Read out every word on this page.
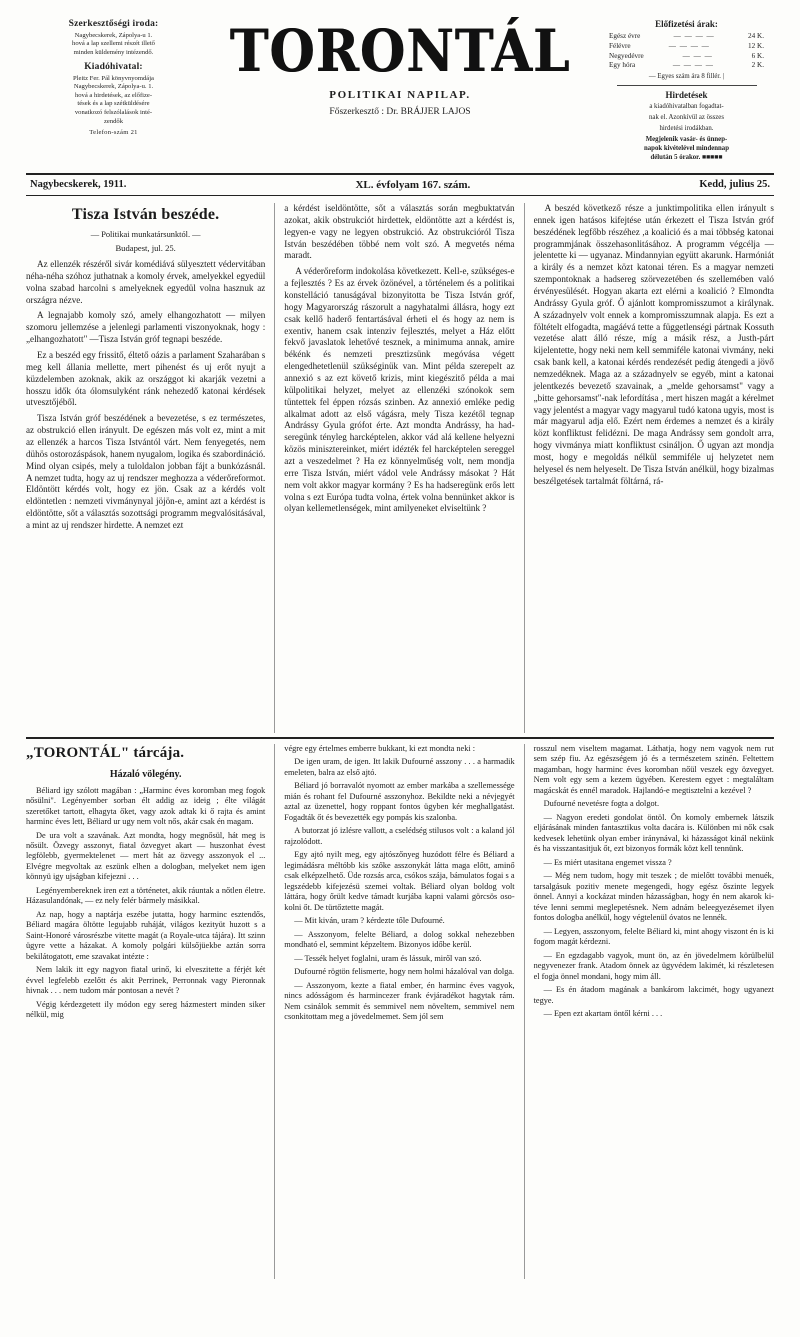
Szerkesztőségi iroda:
Nagybecskerek, Zápolya-u 1.
hová a lap szellemi részét illető
minden küldemény intézendő.
Kiadóhivatal:
Pleitz Fer. Pál könyvnyomdája
Nagybecskerek, Zápolya-u. 1.
hová a hirdetések, az előfize-
tések és a lap szétküldésére
vonatkozó felszólalások inté-
zendők
Telefon-szám 21
TORONTÁL
POLITIKAI NAPILAP.
Főszerkesztő : Dr. BRÁJJER LAJOS
Előfizetési árak:
Egész évre	— — — —	24 K.
Félévre	— — — —	12 K.
Negyedévre	— — —	6 K.
Egy hóra	— — — —	2 K.
— Egyes szám ára 8 fillér. |
Hirdetések
a kiadóhivatalban fogadtat-
nak el. Azonkívül az összes
hirdetési irodákban.
Megjelenik vasár- és ünnep-
napok kivételével mindennap
délután 5 órakor. ■■■■■
Nagybecskerek, 1911.	XL. évfolyam 167. szám.	Kedd, julius 25.
Tisza István beszéde.
— Politikai munkatársunktól. —
Budapest, jul. 25.

Az ellenzék részéről sivár komédiává sülyesztett védervitában néha-néha szóhoz juthatnak a komoly érvek, amelyekkel egyedül volna szabad harcolni s amelyeknek egyedül volna hasznuk az országra nézve.

A legnajabb komoly szó, amely elhangozhatott — milyen szomoru jellemzése a jelenlegi parlamenti viszonyoknak, hogy : „elhangozhatott" —Tisza István gróf tegnapi beszéde.

Ez a beszéd egy frissitő, éltető oázis a parlament Szaharában s meg kell állania mellette, mert pihenést és uj erőt nyujt a küzdelemben azoknak, akik az országgot ki akarják vezetni a hosszu idők óta ólomsulyként ránk nehezedő katonai kérdések utvesztőjéből.

Tisza István gróf beszédének a bevezetése, s ez természetes, az obstrukció ellen irányult. De egészen más volt ez, mint a mit az ellenzék a harcos Tisza Istvántól várt. Nem fenyegetés, nem dühös ostorozáspások, hanem nyugalom, logika és szabordináció. Mind olyan csipés, mely a tuloldalon jobban fájt a bunkózásnál. A nemzet tudta, hogy az uj rendszer meghozza a véderőreformot. Eldöntött kérdés volt, hogy ez jön. Csak az a kérdés volt eldöntetlen : nemzeti vivmánynyal jöjön-e, amint azt a kérdést is eldöntötte, sőt a választás sozottsági programm megvalósitásával, a mint az uj rendszer hirdette. A nemzet ezt

a kérdést iseldöntötte, sőt a választás során megbuktatván azokat, akik obstrukciót hirdettek, eldöntötte azt a kérdést is, legyen-e vagy ne legyen obstrukció. Az obstrukcióról Tisza István beszédében többé nem volt szó. A megvetés néma maradt.

A véderőreform indokolása következett. Kell-e, szükséges-e a fejlesztés ? Es az érvek özönével, a történelem és a politikai konstelláció tanuságával bizonyitotta be Tisza István gróf, hogy Magyarország rászorult a nagyhatalmi állásra, hogy ezt csak kellő haderő fentartásával érheti el és hogy az nem is exentiv, hanem csak intenziv fejlesztés, melyet a Ház előtt fekvő javaslatok lehetővé tesznek, a minimuma annak, amire békénk és nemzeti presztizsünk megóvása végett elengedhetetlenül szükséginük van. Mint példa szerepelt az annexió s az ezt követő krizis, mint kiegészitő példa a mai külpolitikai helyzet, melyet az ellenzéki szónokok sem tüntettek fel éppen rózsás szinben. Az annexió emléke pedig alkalmat adott az első vágásra, mely Tisza kezétől tegnap Andrássy Gyula grófot érte. Azt mondta Andrássy, ha hadseregünk tényleg harcképtelen, akkor vád alá kellene helyezni közös minisztereinket, miért idézték fel harcképtelen sereggel azt a veszedelmet ? Ha ez könnyelműség volt, nem mondja erre Tisza István, miért vádol vele Andrássy másokat ? Hát nem volt akkor magyar kormány ? Es ha hadseregünk erős lett volna s ezt Európa tudta volna, értek volna bennünket akkor is olyan kellemetlenségek, mint amilyeneket elviseltünk ?

A beszéd következő része a junktimpolitika ellen irányult s ennek igen hatásos kifejtése után érkezett el Tisza István gróf beszédének legfőbb részéhez ,a koalició és a mai többség katonai programmjának összehasonlitásához. A programm végcélja — jelentette ki — ugyanaz. Mindannyian együtt akarunk. Harmóniát a király és a nemzet közt katonai téren. Es a magyar nemzeti szempontoknak a hadsereg szörvezetében és szellemében való érvényesülését. Hogyan akarta ezt elérni a koalició ? Elmondta Andrássy Gyula gróf. Ő ajánlott kompromisszumot a királynak. A századnyelv volt ennek a kompromisszumnak alapja. Es ezt a föltételt elfogadta, magáévá tette a függetlenségi pártnak Kossuth vezetése alatt álló része, míg a másik rész, a Justh-párt kijelentette, hogy neki nem kell semmiféle katonai vivmány, neki csak bank kell, a katonai kérdés rendezését pedig átengedi a jövő nemzedéknek. Maga az a századnyelv se egyéb, mint a katonai jelentkezés bevezető szavainak, a „melde gehorsamst" vagy a „bitte gehorsamst"-nak lefordítása , mert hiszen magát a kérelmet vagy jelentést a magyar vagy magyarul tudó katona ugyis, most is már magyarul adja elő. Ezért nem érdemes a nemzet és a király közt konfliktust felidézni. De maga Andrássy sem gondolt arra, hogy vivmánya miatt konfliktust csináljon. Ő ugyan azt mondja most, hogy e megoldás nélkül semmiféle uj helyzetet nem helyesel és nem helyeselt. De Tisza István anélkül, hogy bizalmas beszélgetések tartalmát föltárná, rá-

„TORONTÁL" tárcája.
Házaló völegény.

Béliard igy szólott magában : „Harminc éves koromban meg fogok nősülni". Legényember sorban élt addig az ideig ; élte világát szeretőket tartott, elhagyta őket, vagy azok adtak ki ő rajta és amint harminc éves lett, Béliard ur ugy nem volt nős, akár csak én magam.

De ura volt a szavának. Azt mondta, hogy megnősül, hát meg is nősült. Özvegy asszonyt, fiatal özvegyet akart — huszonhat évest legfölebb, gyermektelenet — mert hát az özvegy asszonyok el ... Elvégre megvoltak az eszünk elhen a dologban, melyeket nem igen könnyü igy ujságban kifejezni . . .

Legényembereknek iren ezt a történetet, akik ráuntak a nőtlen életre. Házasulandónak, — ez nely felér bármely másikkal.

Az nap, hogy a naptárja eszébe jutatta, hogy harminc esztendős, Béliard magára öltötte legujabb ruháját, világos kezityüt huzott s a Saint-Honoré városrészbe vitette magát (a Royale-utca tájára). Itt szinn ügyre vette a házakat. A komoly polgári külsőjüekbe aztán sorra bekilátogatott, eme szavakat intézte :

Nem lakik itt egy nagyon fiatal urinő, ki elveszitette a férjét két évvel legfelebb ezelőtt és akit Perrinek, Perronnak vagy Pieronnak hivnak . . . nem tudom már pontosan a nevét ?

Végig kérdezgetett ily módon egy sereg házmestert minden siker nélkül, mig

végre egy értelmes emberre bukkant, ki ezt mondta neki :

De igen uram, de igen. Itt lakik Dufourné asszony . . . a harmadik emeleten, balra az első ajtó.

Béliard jó borravalót nyomott az ember markába a szellemessége mián és rohant fel Dufourné asszonyhoz. Bekildte neki a névjegyét aztal az üzenettel, hogy roppant fontos ügyben kér meghallgatást. Fogadták őt és bevezették egy pompás kis szalonba.

A butorzat jó izlésre vallott, a cselédség stilusos volt : a kaland jól rajzolódott.

Egy ajtó nyilt meg, egy ajtószőnyeg huzódott félre és Béliard a legimádásra méltóbb kis szőke asszonykát látta maga előtt, aminő csak elképzelhető. Üde rozsás arca, csókos szája, bámulatos fogai s a legszédebb kifejezésü szemei voltak. Béliard olyan boldog volt láttára, hogy őrült kedve támadt kurjába kapni valami görcsös osokolni őt. De türtőztette magát.

— Mit kiván, uram ? kérdezte tőle Dufourné.

— Asszonyom, felelte Béliard, a dolog sokkal nehezebben mondható el, semmint képzeltem. Bizonyos időbe kerül.

— Tessék helyet foglalni, uram és lássuk, miről van szó.

Dufourné rögtön felismerte, hogy nem holmi házalóval van dolga.

— Asszonyom, kezte a fiatal ember, én harminc éves vagyok, nincs adósságom és harmincezer frank évjáradékot hagytak rám. Nem csinálok semmit és semmivel nem növeltem, semmivel nem csonkitottam meg a jövedelmemet. Sem jól sem

rosszul nem viseltem magamat. Láthatja, hogy nem vagyok nem rut sem szép fiu. Az egészségem jó és a természetem szinén. Feltettem magamban, hogy harminc éves koromban nőül veszek egy özvegyet. Nem volt egy sem a kezem ügyében. Kerestem egyet : megtaláltam magácskát és ennél maradok. Hajlandó-e megtisztelni a kezével ?

Dufourné nevetésre fogta a dolgot.

— Nagyon eredeti gondolat öntöl. Ön komoly embernek látszik eljárásának minden fantasztikus volta dacára is. Különben mi nők csak kedvesek lehetünk olyan ember iránynával, ki házasságot kinál nekünk és ha visszantasitjuk őt, ezt bizonyos formák közt kell tennünk.

— Es miért utasitana engemet vissza ?

— Még nem tudom, hogy mit teszek ; de mielőtt további menuék, tarsalgásuk pozitiv menete megengedi, hogy egész őszinte legyek önnel. Annyi a kockázat minden házasságban, hogy én nem akarok kitéve lenni semmi meglepetésnek. Nem adnám beleegyezésemet ilyen fontos dologba anélkül, hogy végtelenül óvatos ne lennék.

— Legyen, asszonyom, felelte Béliard ki, mint ahogy viszont én is ki fogom magát kérdezni.

— En egzdagabb vagyok, munt ön, az én jövedelmem körülbelül negyvenezer frank. Atadom önnek az ügyvédem lakimét, ki részletesen el fogja önnel mondani, hogy mim áll.

— Es én átadom magának a bankárom lakcimét, hogy ugyanezt tegye.

— Epen ezt akartam öntől kérni . . .
